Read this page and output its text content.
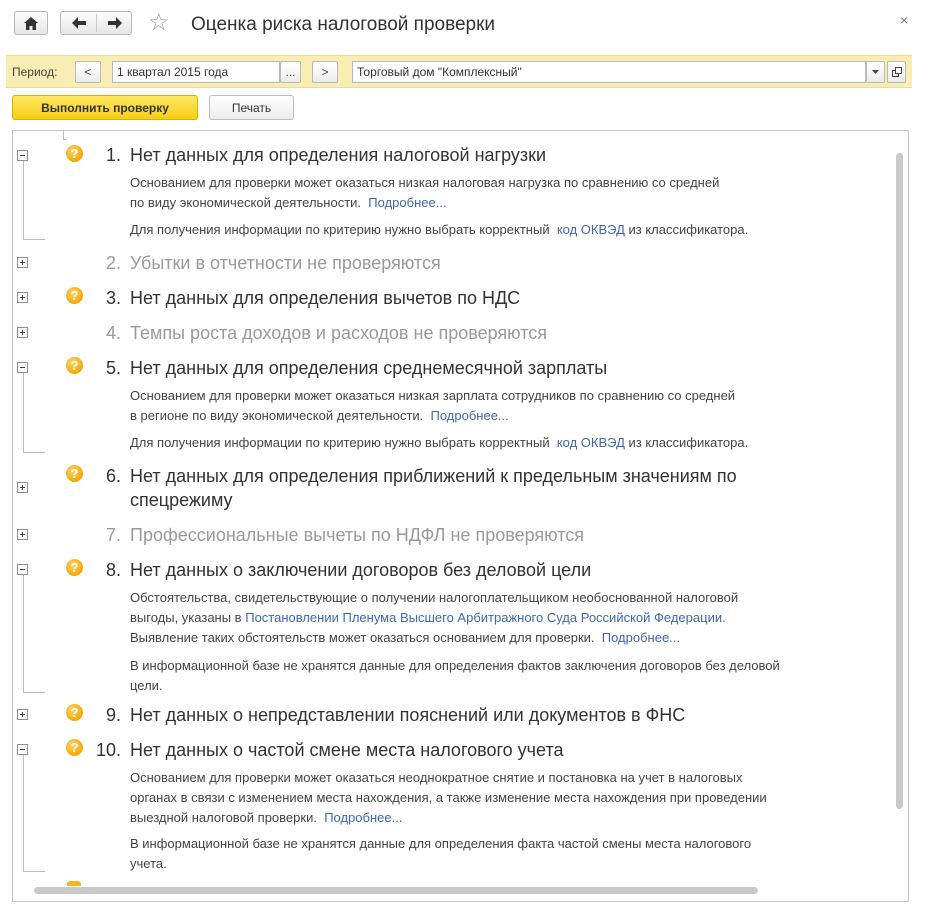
☆ Оценка риска налоговой проверки	×
Период:	<	1 квартал 2015 года	...	>	Торговый дом "Комплексный"
Выполнить проверку	Печать
?	1. Нет данных для определения налоговой нагрузки
Основанием для проверки может оказаться низкая налоговая нагрузка по сравнению со средней
по виду экономической деятельности. Подробнее...
Для получения информации по критерию нужно выбрать корректный код ОКВЭД из классификатора.
2. Убытки в отчетности не проверяются
?	3. Нет данных для определения вычетов по НДС
4. Темпы роста доходов и расходов не проверяются
?	5. Нет данных для определения среднемесячной зарплаты
Основанием для проверки может оказаться низкая зарплата сотрудников по сравнению со средней
в регионе по виду экономической деятельности. Подробнее...
Для получения информации по критерию нужно выбрать корректный код ОКВЭД из классификатора.
?	6. Нет данных для определения приближений к предельным значениям по
спецрежиму
7. Профессиональные вычеты по НДФЛ не проверяются
?	8. Нет данных о заключении договоров без деловой цели
Обстоятельства, свидетельствующие о получении налогоплательщиком необоснованной налоговой
выгоды, указаны в Постановлении Пленума Высшего Арбитражного Суда Российской Федерации.
Выявление таких обстоятельств может оказаться основанием для проверки. Подробнее...
В информационной базе не хранятся данные для определения фактов заключения договоров без деловой
цели.
?	9. Нет данных о непредставлении пояснений или документов в ФНС
? 10. Нет данных о частой смене места налогового учета
Основанием для проверки может оказаться неоднократное снятие и постановка на учет в налоговых
органах в связи с изменением места нахождения, а также изменение места нахождения при проведении
выездной налоговой проверки. Подробнее...
В информационной базе не хранятся данные для определения факта частой смены места налогового
учета.
